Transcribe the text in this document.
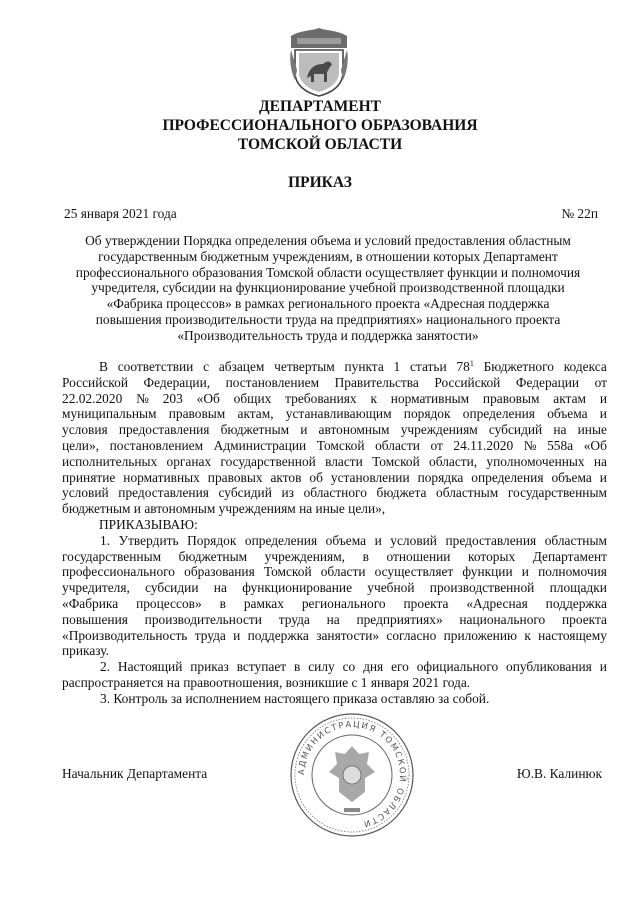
ДЕПАРТАМЕНТ
ПРОФЕССИОНАЛЬНОГО ОБРАЗОВАНИЯ
ТОМСКОЙ ОБЛАСТИ
ПРИКАЗ
25 января 2021 года	№ 22п
Об утверждении Порядка определения объема и условий предоставления областным
государственным бюджетным учреждениям, в отношении которых Департамент
профессионального образования Томской области осуществляет функции и полномочия
учредителя, субсидии на функционирование учебной производственной площадки
«Фабрика процессов» в рамках регионального проекта «Адресная поддержка
повышения производительности труда на предприятиях» национального проекта
«Производительность труда и поддержка занятости»
В соответствии с абзацем четвертым пункта 1 статьи $78^1$ Бюджетного кодекса
Российской Федерации, постановлением Правительства Российской Федерации от
22.02.2020 № 203 «Об общих требованиях к нормативным правовым актам и
муниципальным правовым актам, устанавливающим порядок определения объема и
условия предоставления бюджетным и автономным учреждениям субсидий на иные
цели», постановлением Администрации Томской области от 24.11.2020 № 558а «Об
исполнительных органах государственной власти Томской области, уполномоченных на
принятие нормативных правовых актов об установлении порядка определения объема и
условий предоставления субсидий из областного бюджета областным государственным
бюджетным и автономным учреждениям на иные цели»,
ПРИКАЗЫВАЮ:
1. Утвердить Порядок определения объема и условий предоставления областным
государственным бюджетным учреждениям, в отношении которых Департамент
профессионального образования Томской области осуществляет функции и полномочия
учредителя, субсидии на функционирование учебной производственной площадки
«Фабрика процессов» в рамках регионального проекта «Адресная поддержка
повышения производительности труда на предприятиях» национального проекта
«Производительность труда и поддержка занятости» согласно приложению к настоящему
приказу.
2. Настоящий приказ вступает в силу со дня его официального опубликования и
распространяется на правоотношения, возникшие с 1 января 2021 года.
3. Контроль за исполнением настоящего приказа оставляю за собой.
Начальник Департамента	Ю.В. Калинюк
АДМИНИСТРАЦИЯ ТОМСКОЙ ОБЛАСТИ
